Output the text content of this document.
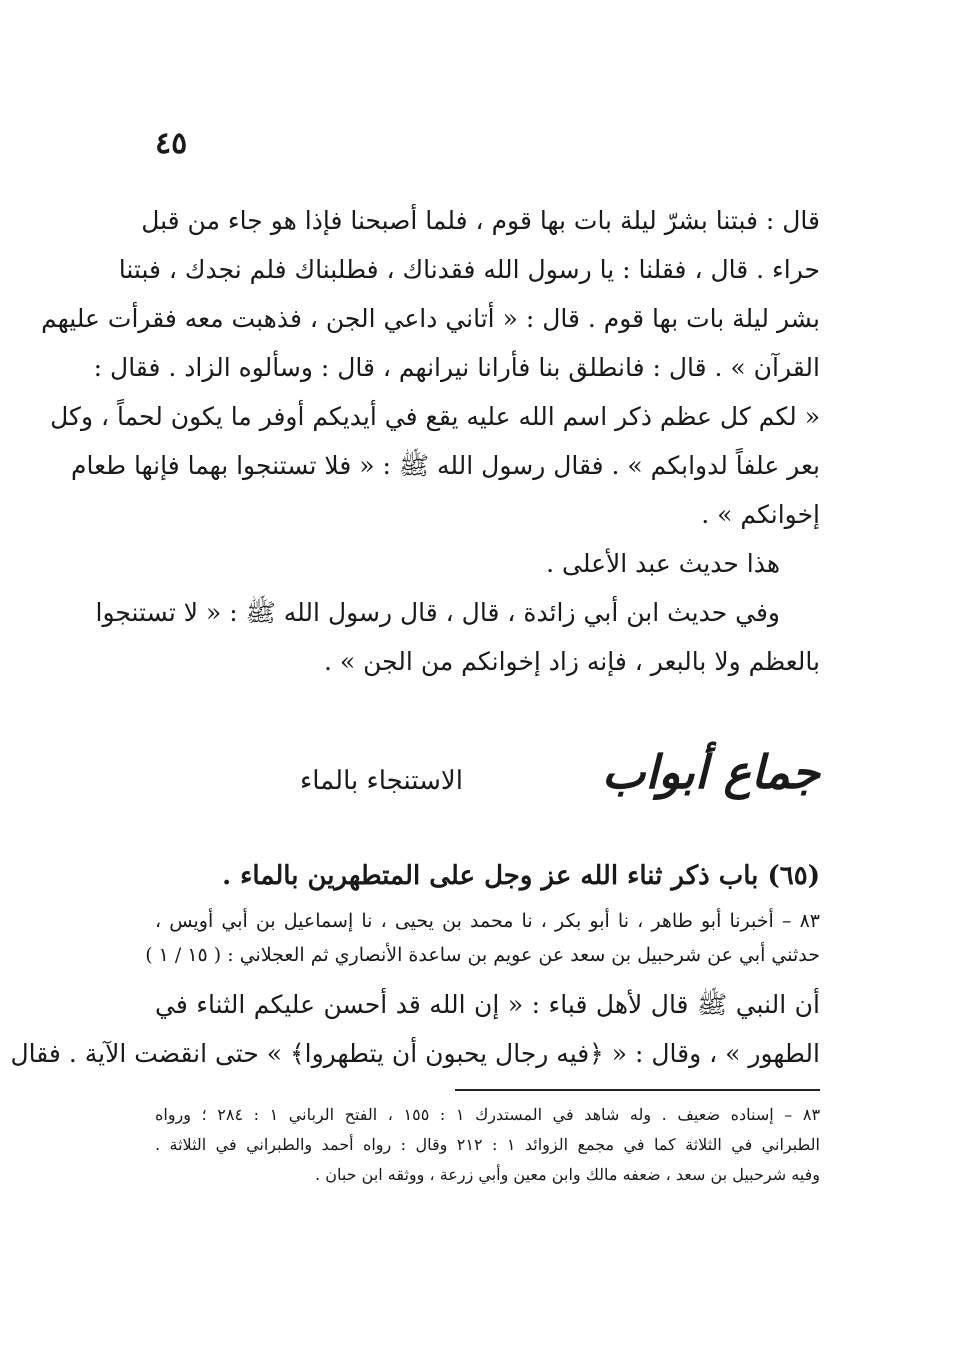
٤٥
قال : فبتنا بشرّ ليلة بات بها قوم ، فلما أصبحنا فإذا هو جاء من قبل
حراء . قال ، فقلنا : يا رسول الله فقدناك ، فطلبناك فلم نجدك ، فبتنا
بشر ليلة بات بها قوم . قال : « أتاني داعي الجن ، فذهبت معه فقرأت عليهم
القرآن » . قال : فانطلق بنا فأرانا نيرانهم ، قال : وسألوه الزاد . فقال :
« لكم كل عظم ذكر اسم الله عليه يقع في أيديكم أوفر ما يكون لحماً ، وكل
بعر علفاً لدوابكم » . فقال رسول الله ﷺ : « فلا تستنجوا بهما فإنها طعام
إخوانكم » .
هذا حديث عبد الأعلى .
وفي حديث ابن أبي زائدة ، قال ، قال رسول الله ﷺ : « لا تستنجوا
بالعظم ولا بالبعر ، فإنه زاد إخوانكم من الجن » .
جماع أبواب
الاستنجاء بالماء
(٦٥) باب ذكر ثناء الله عز وجل على المتطهرين بالماء .
٨٣ – أخبرنا أبو طاهر ، نا أبو بكر ، نا محمد بن يحيى ، نا إسماعيل بن أبي أويس ،
حدثني أبي عن شرحبيل بن سعد عن عويم بن ساعدة الأنصاري ثم العجلاني : ( ١٥ / ١ )
أن النبي ﷺ قال لأهل قباء : « إن الله قد أحسن عليكم الثناء في
الطهور » ، وقال : « ﴿فيه رجال يحبون أن يتطهروا﴾ » حتى انقضت الآية . فقال
٨٣ – إسناده ضعيف . وله شاهد في المستدرك ١ : ١٥٥ ، الفتح الرباني ١ : ٢٨٤ ؛ ورواه
الطبراني في الثلاثة كما في مجمع الزوائد ١ : ٢١٢ وقال : رواه أحمد والطبراني في الثلاثة .
وفيه شرحبيل بن سعد ، ضعفه مالك وابن معين وأبي زرعة ، ووثقه ابن حبان .
